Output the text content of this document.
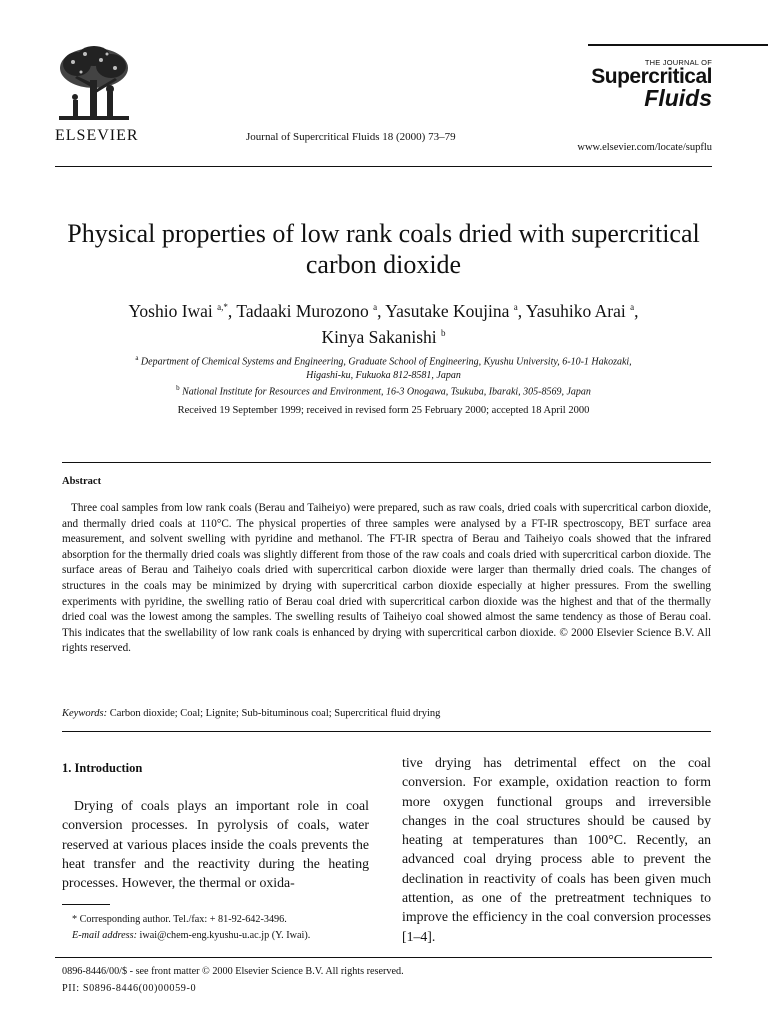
ELSEVIER	Journal of Supercritical Fluids 18 (2000) 73–79
THE JOURNAL OF
Supercritical
Fluids
www.elsevier.com/locate/supflu
Physical properties of low rank coals dried with supercritical
carbon dioxide
Yoshio Iwai $^{a,*}$, Tadaaki Murozono $^a$, Yasutake Koujina $^a$, Yasuhiko Arai $^a$,
Kinya Sakanishi $^b$
$^a$ Department of Chemical Systems and Engineering, Graduate School of Engineering, Kyushu University, 6-10-1 Hakozaki,
Higashi-ku, Fukuoka 812-8581, Japan
$^b$ National Institute for Resources and Environment, 16-3 Onogawa, Tsukuba, Ibaraki, 305-8569, Japan
Received 19 September 1999; received in revised form 25 February 2000; accepted 18 April 2000
Abstract
Three coal samples from low rank coals (Berau and Taiheiyo) were prepared, such as raw coals, dried coals with supercritical carbon dioxide, and thermally dried coals at 110°C. The physical properties of three samples were analysed by a FT-IR spectroscopy, BET surface area measurement, and solvent swelling with pyridine and methanol. The FT-IR spectra of Berau and Taiheiyo coals showed that the infrared absorption for the thermally dried coals was slightly different from those of the raw coals and coals dried with supercritical carbon dioxide. The surface areas of Berau and Taiheiyo coals dried with supercritical carbon dioxide were larger than thermally dried coals. The changes of structures in the coals may be minimized by drying with supercritical carbon dioxide especially at higher pressures. From the swelling experiments with pyridine, the swelling ratio of Berau coal dried with supercritical carbon dioxide was the highest and that of the thermally dried coal was the lowest among the samples. The swelling results of Taiheiyo coal showed almost the same tendency as those of Berau coal. This indicates that the swellability of low rank coals is enhanced by drying with supercritical carbon dioxide. © 2000 Elsevier Science B.V. All rights reserved.
Keywords: Carbon dioxide; Coal; Lignite; Sub-bituminous coal; Supercritical fluid drying
1. Introduction
Drying of coals plays an important role in coal conversion processes. In pyrolysis of coals, water reserved at various places inside the coals prevents the heat transfer and the reactivity during the heating processes. However, the thermal or oxida-
tive drying has detrimental effect on the coal conversion. For example, oxidation reaction to form more oxygen functional groups and irreversible changes in the coal structures should be caused by heating at temperatures than 100°C. Recently, an advanced coal drying process able to prevent the declination in reactivity of coals has been given much attention, as one of the pretreatment techniques to improve the efficiency in the coal conversion processes [1–4].
* Corresponding author. Tel./fax: + 81-92-642-3496.
E-mail address: iwai@chem-eng.kyushu-u.ac.jp (Y. Iwai).
0896-8446/00/$ - see front matter © 2000 Elsevier Science B.V. All rights reserved.
PII: S0896-8446(00)00059-0
